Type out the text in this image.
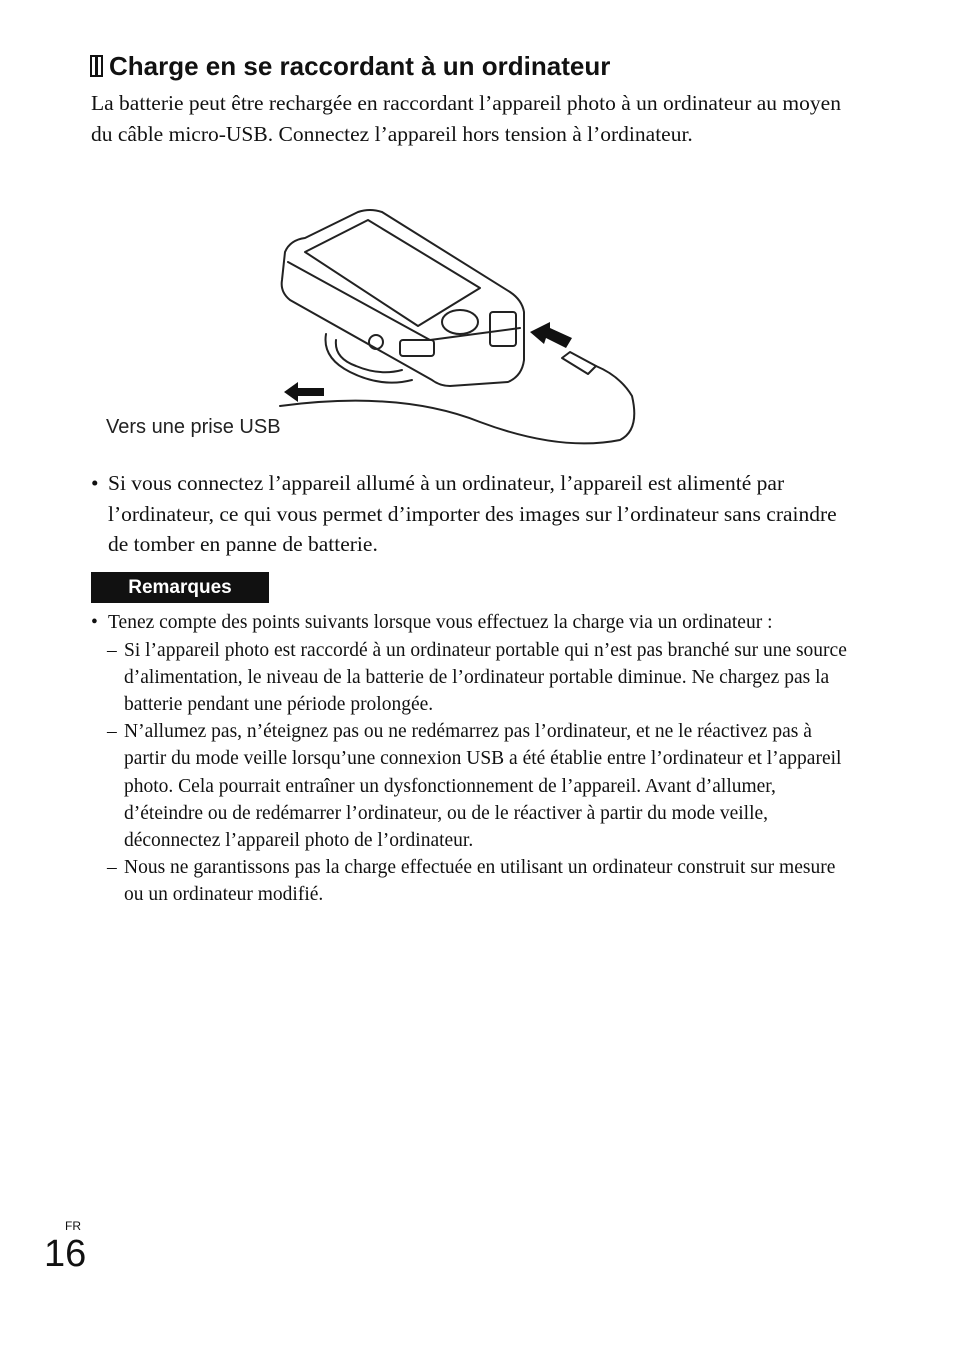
Charge en se raccordant à un ordinateur

La batterie peut être rechargée en raccordant l’appareil photo à un ordinateur au moyen du câble micro-USB. Connectez l’appareil hors tension à l’ordinateur.

Vers une prise USB
• Si vous connectez l’appareil allumé à un ordinateur, l’appareil est alimenté par l’ordinateur, ce qui vous permet d’importer des images sur l’ordinateur sans craindre de tomber en panne de batterie.
Remarques
• Tenez compte des points suivants lorsque vous effectuez la charge via un ordinateur :
– Si l’appareil photo est raccordé à un ordinateur portable qui n’est pas branché sur une source d’alimentation, le niveau de la batterie de l’ordinateur portable diminue. Ne chargez pas la batterie pendant une période prolongée.
– N’allumez pas, n’éteignez pas ou ne redémarrez pas l’ordinateur, et ne le réactivez pas à partir du mode veille lorsqu’une connexion USB a été établie entre l’ordinateur et l’appareil photo. Cela pourrait entraîner un dysfonctionnement de l’appareil. Avant d’allumer, d’éteindre ou de redémarrer l’ordinateur, ou de le réactiver à partir du mode veille, déconnectez l’appareil photo de l’ordinateur.
– Nous ne garantissons pas la charge effectuée en utilisant un ordinateur construit sur mesure ou un ordinateur modifié.
FR
16
